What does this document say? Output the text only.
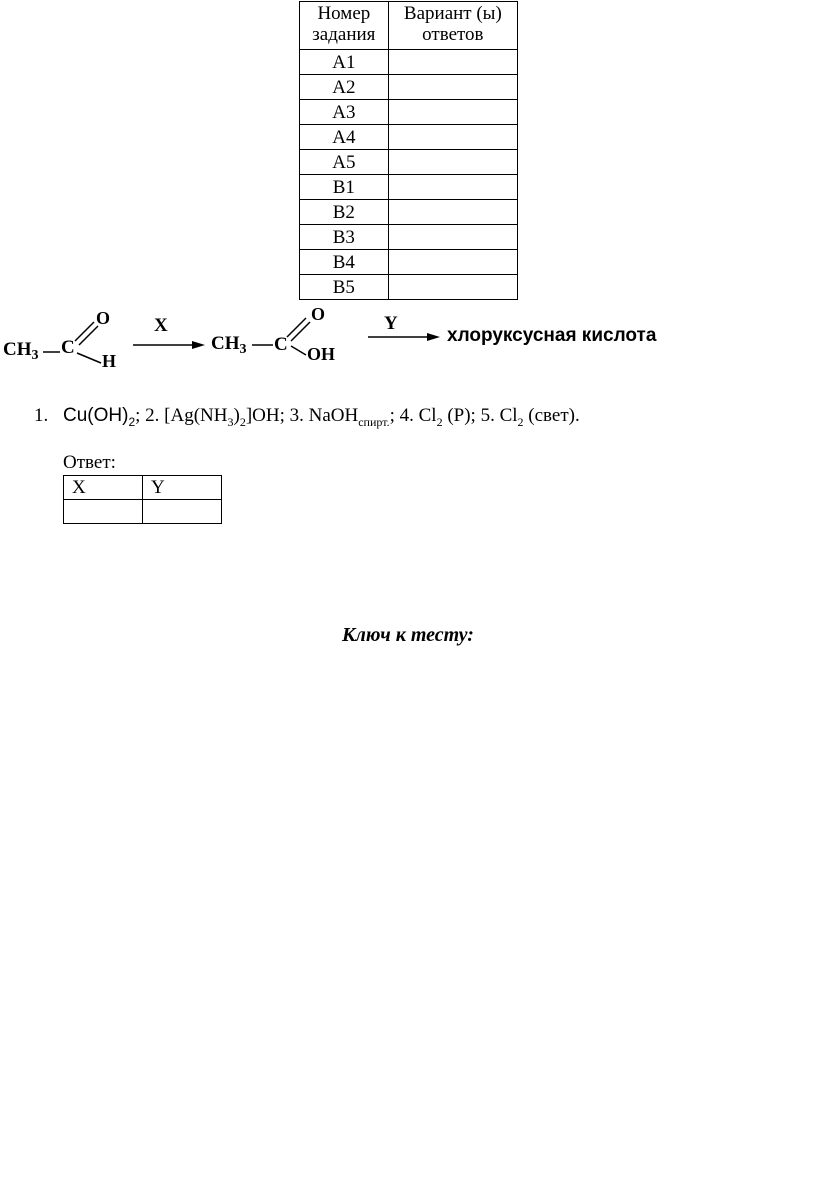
Номер задания	Вариант (ы) ответов
А1	
А2	
А3	
А4	
А5	
В1	
В2	
В3	
В4	
В5	
$CH_3$ C
O
H
X
$CH_3$ C
O
OH
Y
хлоруксусная кислота
1. $Cu(OH)_2$; 2. $[Ag(NH_3)_2]OH$; 3. NaOH$_{спирт.}$; 4. $Cl_2$ (P); 5. $Cl_2$ (свет).
Ответ:
X	Y

Ключ к тесту:
